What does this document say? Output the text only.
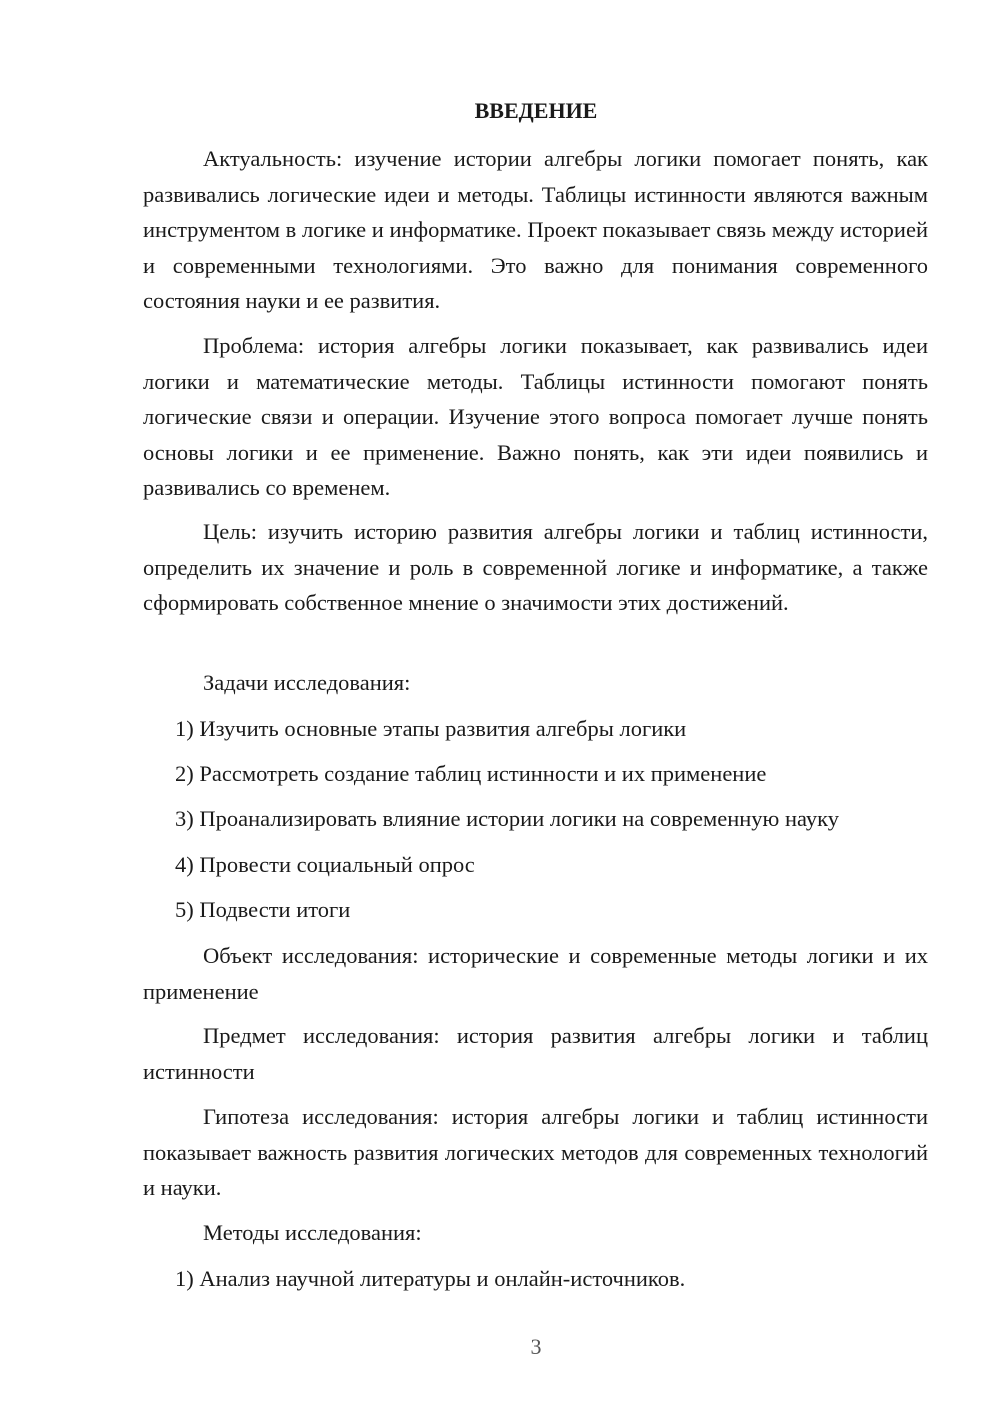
ВВЕДЕНИЕ

Актуальность: изучение истории алгебры логики помогает понять, как развивались логические идеи и методы. Таблицы истинности являются важным инструментом в логике и информатике. Проект показывает связь между историей и современными технологиями. Это важно для понимания современного состояния науки и ее развития.

Проблема: история алгебры логики показывает, как развивались идеи логики и математические методы. Таблицы истинности помогают понять логические связи и операции. Изучение этого вопроса помогает лучше понять основы логики и ее применение. Важно понять, как эти идеи появились и развивались со временем.

Цель: изучить историю развития алгебры логики и таблиц истинности, определить их значение и роль в современной логике и информатике, а также сформировать собственное мнение о значимости этих достижений.

Задачи исследования:

1) Изучить основные этапы развития алгебры логики

2) Рассмотреть создание таблиц истинности и их применение

3) Проанализировать влияние истории логики на современную науку

4) Провести социальный опрос

5) Подвести итоги

Объект исследования: исторические и современные методы логики и их применение

Предмет исследования: история развития алгебры логики и таблиц истинности

Гипотеза исследования: история алгебры логики и таблиц истинности показывает важность развития логических методов для современных технологий и науки.

Методы исследования:

1) Анализ научной литературы и онлайн-источников.

3
